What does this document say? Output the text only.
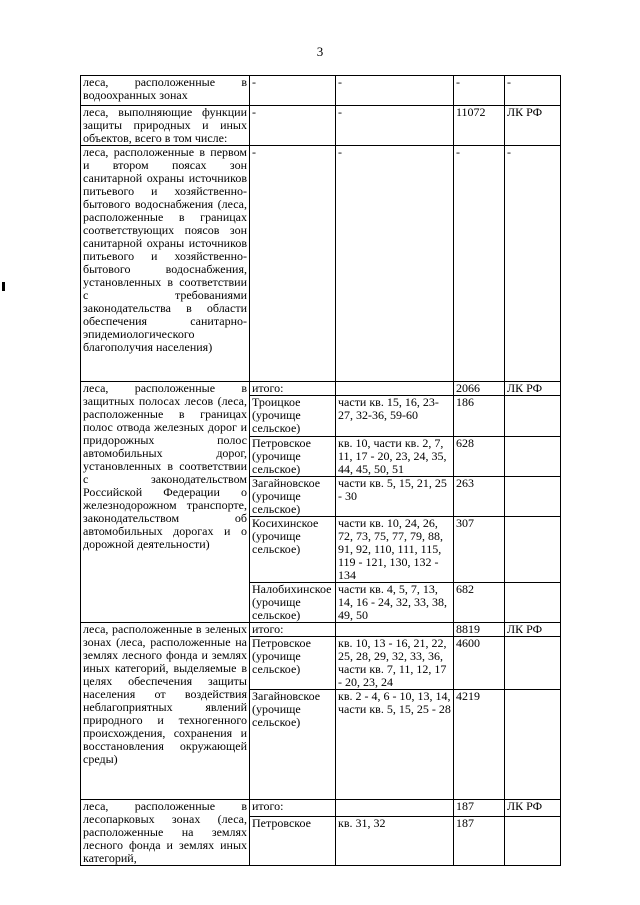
3
леса, расположенные в водоохранных зонах	-	-	-	-
леса, выполняющие функции защиты природных и иных объектов, всего в том числе:	-	-	11072	ЛК РФ
леса, расположенные в первом и втором поясах зон санитарной охраны источников питьевого и хозяйственно-бытового водоснабжения (леса, расположенные в границах соответствующих поясов зон санитарной охраны источников питьевого и хозяйственно-бытового водоснабжения, установленных в соответствии с требованиями законодательства в области обеспечения санитарно-эпидемиологического благополучия населения)	-	-	-	-
леса, расположенные в защитных полосах лесов (леса, расположенные в границах полос отвода железных дорог и придорожных полос автомобильных дорог, установленных в соответствии с законодательством Российской Федерации о железнодорожном транспорте, законодательством об автомобильных дорогах и о дорожной деятельности)	итого:		2066	ЛК РФ
	Троицкое (урочище сельское)	части кв. 15, 16, 23-27, 32-36, 59-60	186	
	Петровское (урочище сельское)	кв. 10, части кв. 2, 7, 11, 17 - 20, 23, 24, 35, 44, 45, 50, 51	628	
	Загайновское (урочище сельское)	части кв. 5, 15, 21, 25 - 30	263	
	Косихинское (урочище сельское)	части кв. 10, 24, 26, 72, 73, 75, 77, 79, 88, 91, 92, 110, 111, 115, 119 - 121, 130, 132 - 134	307	
	Налобихинское (урочище сельское)	части кв. 4, 5, 7, 13, 14, 16 - 24, 32, 33, 38, 49, 50	682	
леса, расположенные в зеленых зонах (леса, расположенные на землях лесного фонда и землях иных категорий, выделяемые в целях обеспечения защиты населения от воздействия неблагоприятных явлений природного и техногенного происхождения, сохранения и восстановления окружающей среды)	итого:		8819	ЛК РФ
	Петровское (урочище сельское)	кв. 10, 13 - 16, 21, 22, 25, 28, 29, 32, 33, 36, части кв. 7, 11, 12, 17 - 20, 23, 24	4600	
	Загайновское (урочище сельское)	кв. 2 - 4, 6 - 10, 13, 14, части кв. 5, 15, 25 - 28	4219	
леса, расположенные в лесопарковых зонах (леса, расположенные на землях лесного фонда и землях иных категорий,	итого:		187	ЛК РФ
	Петровское	кв. 31, 32	187	
